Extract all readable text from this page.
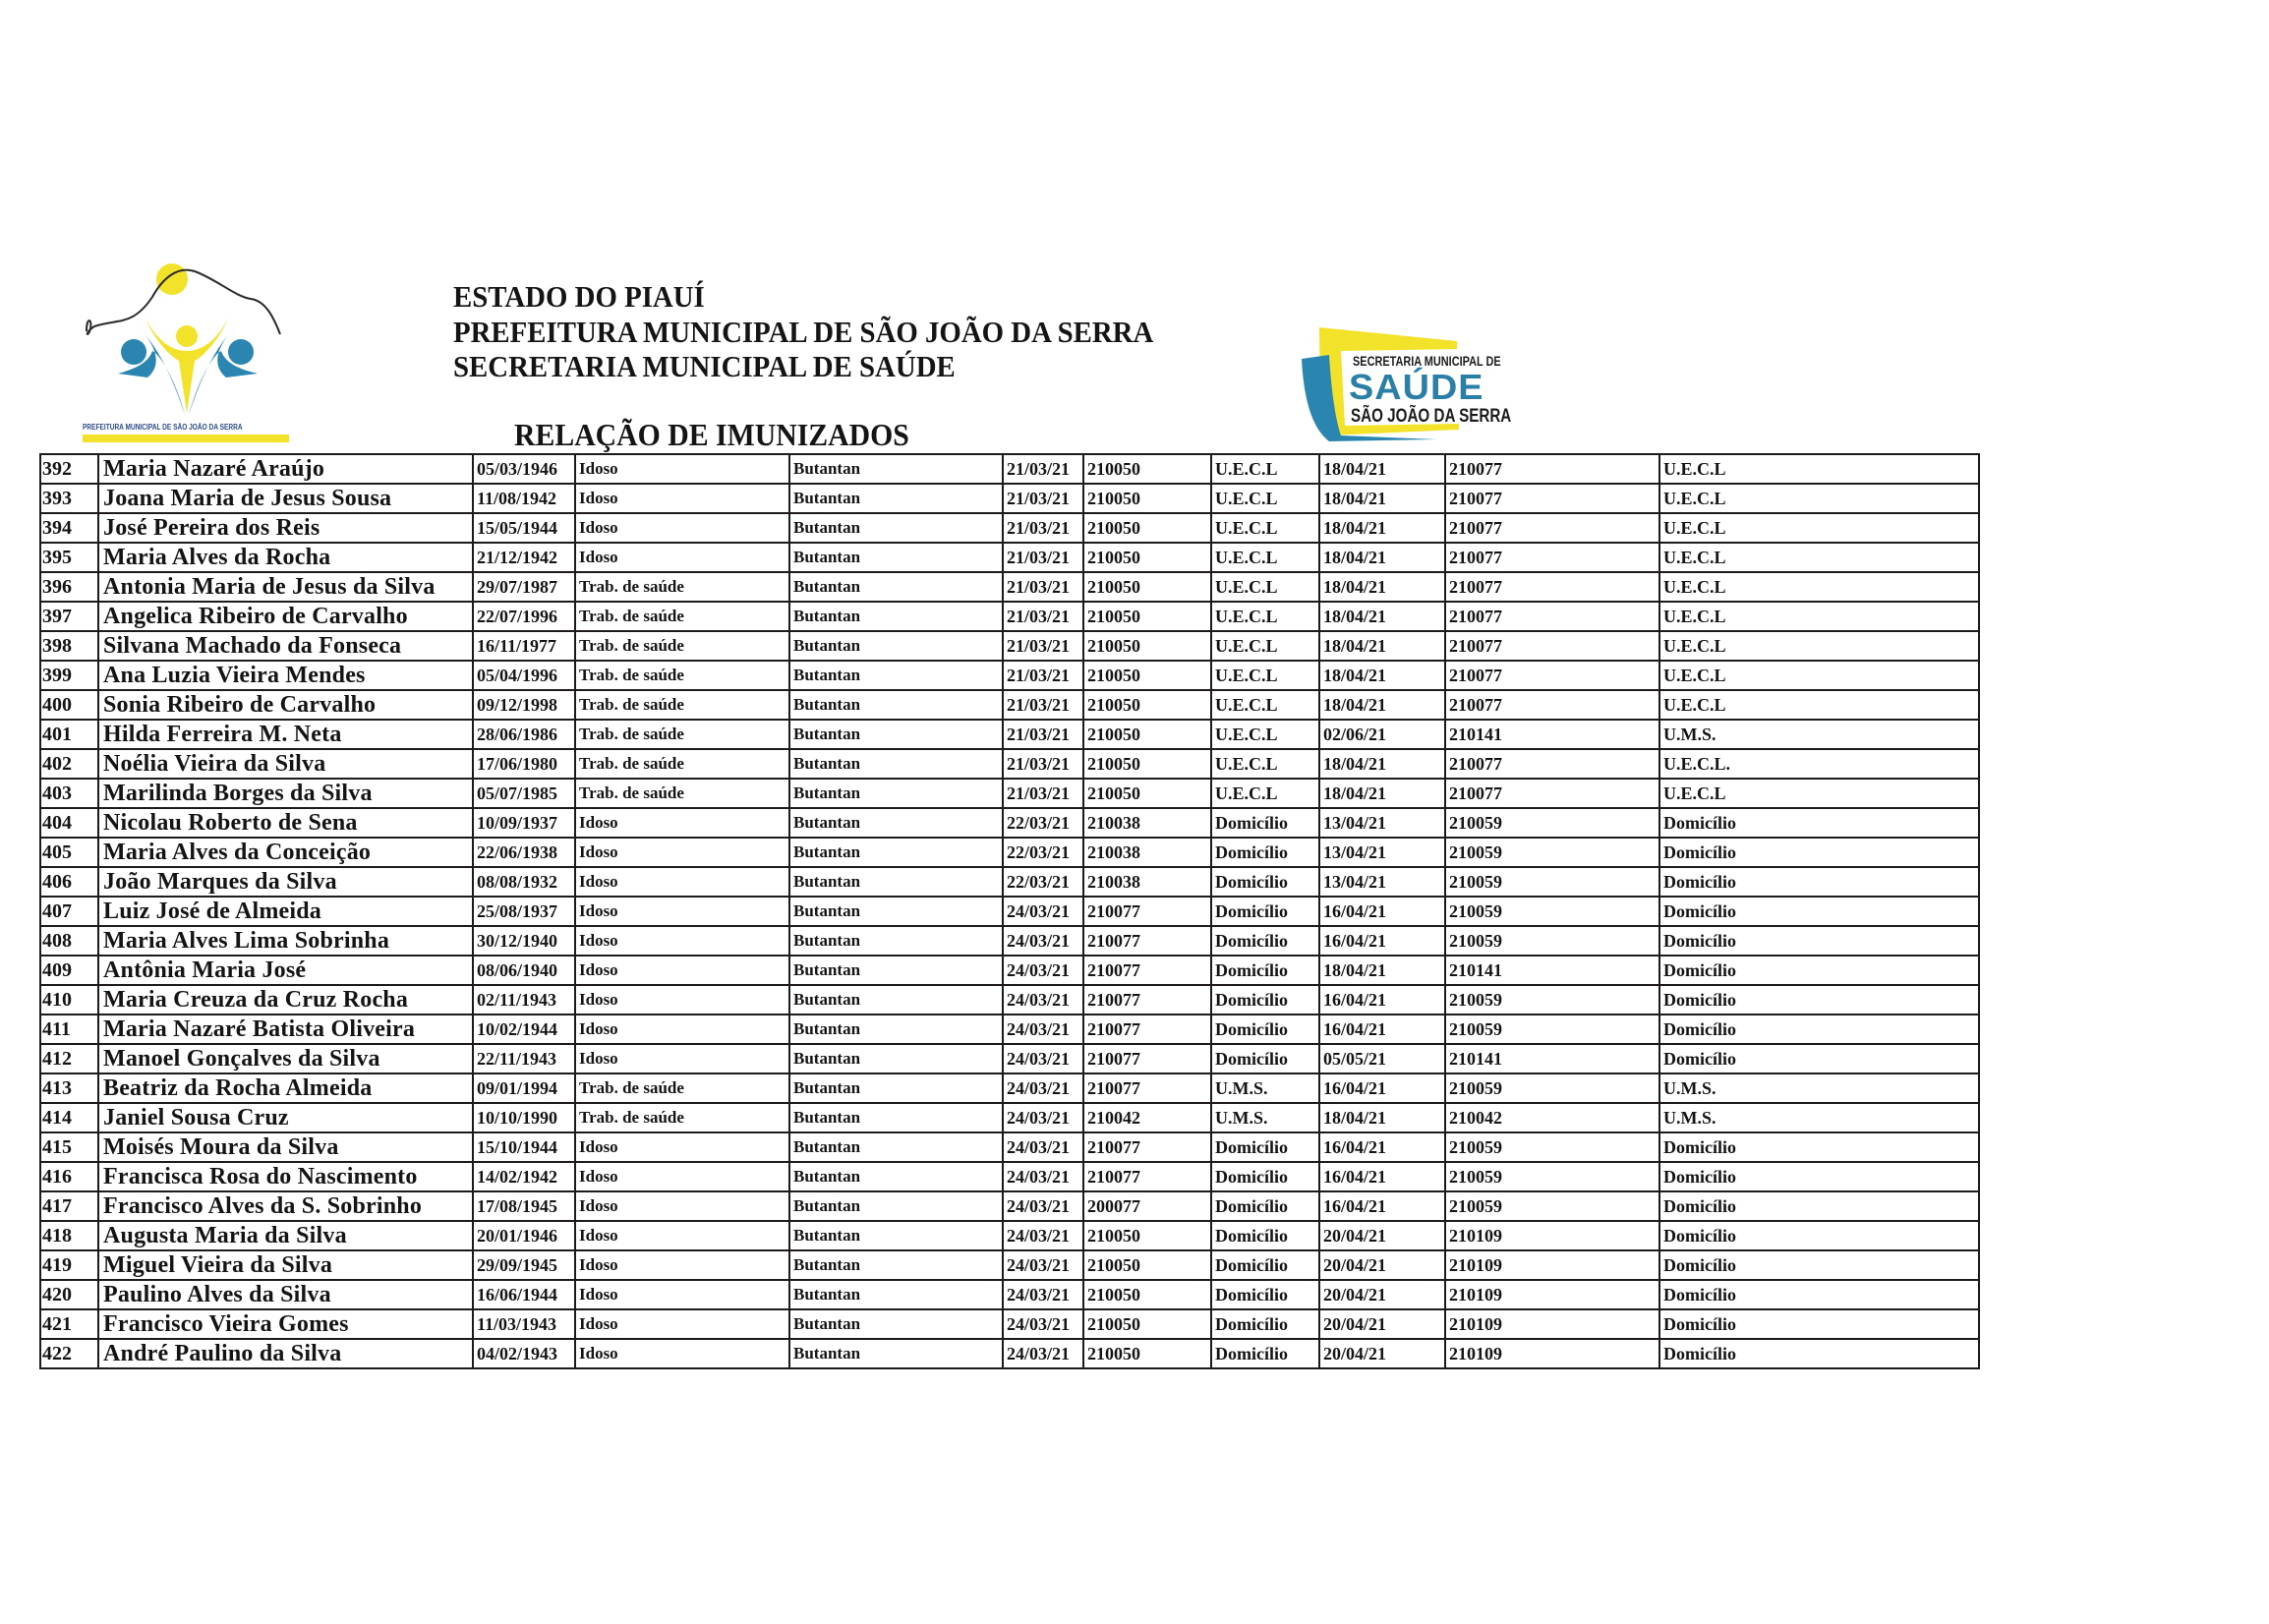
PREFEITURA MUNICIPAL DE SÃO JOÃO DA SERRA
ESTADO DO PIAUÍ
PREFEITURA MUNICIPAL DE SÃO JOÃO DA SERRA
SECRETARIA MUNICIPAL DE SAÚDE
RELAÇÃO DE IMUNIZADOS
SECRETARIA MUNICIPAL DE
SAÚDE
SÃO JOÃO DA SERRA
392	Maria Nazaré Araújo	05/03/1946	Idoso	Butantan	21/03/21	210050	U.E.C.L	18/04/21	210077	U.E.C.L
393	Joana Maria de Jesus Sousa	11/08/1942	Idoso	Butantan	21/03/21	210050	U.E.C.L	18/04/21	210077	U.E.C.L
394	José Pereira dos Reis	15/05/1944	Idoso	Butantan	21/03/21	210050	U.E.C.L	18/04/21	210077	U.E.C.L
395	Maria Alves da Rocha	21/12/1942	Idoso	Butantan	21/03/21	210050	U.E.C.L	18/04/21	210077	U.E.C.L
396	Antonia Maria de Jesus da Silva	29/07/1987	Trab. de saúde	Butantan	21/03/21	210050	U.E.C.L	18/04/21	210077	U.E.C.L
397	Angelica Ribeiro de Carvalho	22/07/1996	Trab. de saúde	Butantan	21/03/21	210050	U.E.C.L	18/04/21	210077	U.E.C.L
398	Silvana Machado da Fonseca	16/11/1977	Trab. de saúde	Butantan	21/03/21	210050	U.E.C.L	18/04/21	210077	U.E.C.L
399	Ana Luzia Vieira Mendes	05/04/1996	Trab. de saúde	Butantan	21/03/21	210050	U.E.C.L	18/04/21	210077	U.E.C.L
400	Sonia Ribeiro de Carvalho	09/12/1998	Trab. de saúde	Butantan	21/03/21	210050	U.E.C.L	18/04/21	210077	U.E.C.L
401	Hilda Ferreira M. Neta	28/06/1986	Trab. de saúde	Butantan	21/03/21	210050	U.E.C.L	02/06/21	210141	U.M.S.
402	Noélia Vieira da Silva	17/06/1980	Trab. de saúde	Butantan	21/03/21	210050	U.E.C.L	18/04/21	210077	U.E.C.L.
403	Marilinda Borges da Silva	05/07/1985	Trab. de saúde	Butantan	21/03/21	210050	U.E.C.L	18/04/21	210077	U.E.C.L
404	Nicolau Roberto de Sena	10/09/1937	Idoso	Butantan	22/03/21	210038	Domicílio	13/04/21	210059	Domicílio
405	Maria Alves da Conceição	22/06/1938	Idoso	Butantan	22/03/21	210038	Domicílio	13/04/21	210059	Domicílio
406	João Marques da Silva	08/08/1932	Idoso	Butantan	22/03/21	210038	Domicílio	13/04/21	210059	Domicílio
407	Luiz José de Almeida	25/08/1937	Idoso	Butantan	24/03/21	210077	Domicílio	16/04/21	210059	Domicílio
408	Maria Alves Lima Sobrinha	30/12/1940	Idoso	Butantan	24/03/21	210077	Domicílio	16/04/21	210059	Domicílio
409	Antônia Maria José	08/06/1940	Idoso	Butantan	24/03/21	210077	Domicílio	18/04/21	210141	Domicílio
410	Maria Creuza da Cruz Rocha	02/11/1943	Idoso	Butantan	24/03/21	210077	Domicílio	16/04/21	210059	Domicílio
411	Maria Nazaré Batista Oliveira	10/02/1944	Idoso	Butantan	24/03/21	210077	Domicílio	16/04/21	210059	Domicílio
412	Manoel Gonçalves da Silva	22/11/1943	Idoso	Butantan	24/03/21	210077	Domicílio	05/05/21	210141	Domicílio
413	Beatriz da Rocha Almeida	09/01/1994	Trab. de saúde	Butantan	24/03/21	210077	U.M.S.	16/04/21	210059	U.M.S.
414	Janiel Sousa Cruz	10/10/1990	Trab. de saúde	Butantan	24/03/21	210042	U.M.S.	18/04/21	210042	U.M.S.
415	Moisés Moura da Silva	15/10/1944	Idoso	Butantan	24/03/21	210077	Domicílio	16/04/21	210059	Domicílio
416	Francisca Rosa do Nascimento	14/02/1942	Idoso	Butantan	24/03/21	210077	Domicílio	16/04/21	210059	Domicílio
417	Francisco Alves da S. Sobrinho	17/08/1945	Idoso	Butantan	24/03/21	200077	Domicílio	16/04/21	210059	Domicílio
418	Augusta Maria da Silva	20/01/1946	Idoso	Butantan	24/03/21	210050	Domicílio	20/04/21	210109	Domicílio
419	Miguel Vieira da Silva	29/09/1945	Idoso	Butantan	24/03/21	210050	Domicílio	20/04/21	210109	Domicílio
420	Paulino Alves da Silva	16/06/1944	Idoso	Butantan	24/03/21	210050	Domicílio	20/04/21	210109	Domicílio
421	Francisco Vieira Gomes	11/03/1943	Idoso	Butantan	24/03/21	210050	Domicílio	20/04/21	210109	Domicílio
422	André Paulino da Silva	04/02/1943	Idoso	Butantan	24/03/21	210050	Domicílio	20/04/21	210109	Domicílio
